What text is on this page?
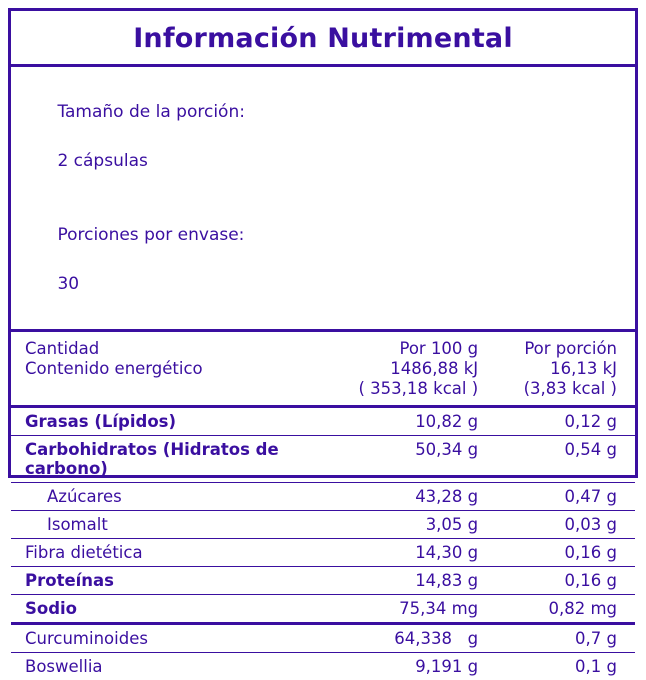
Información Nutrimental

Tamaño de la porción:

2 cápsulas

Porciones por envase:

30

Cantidad	Por 100 g	Por porción
Contenido energético	1486,88 kJ	16,13 kJ
	( 353,18 kcal )	(3,83 kcal )
Grasas (Lípidos)	10,82 g	0,12 g
Carbohidratos (Hidratos de carbono)	50,34 g	0,54 g
Azúcares	43,28 g	0,47 g
Isomalt	3,05 g	0,03 g
Fibra dietética	14,30 g	0,16 g
Proteínas	14,83 g	0,16 g
Sodio	75,34 mg	0,82 mg
Curcuminoides	64,338   g	0,7 g
Boswellia	9,191 g	0,1 g
